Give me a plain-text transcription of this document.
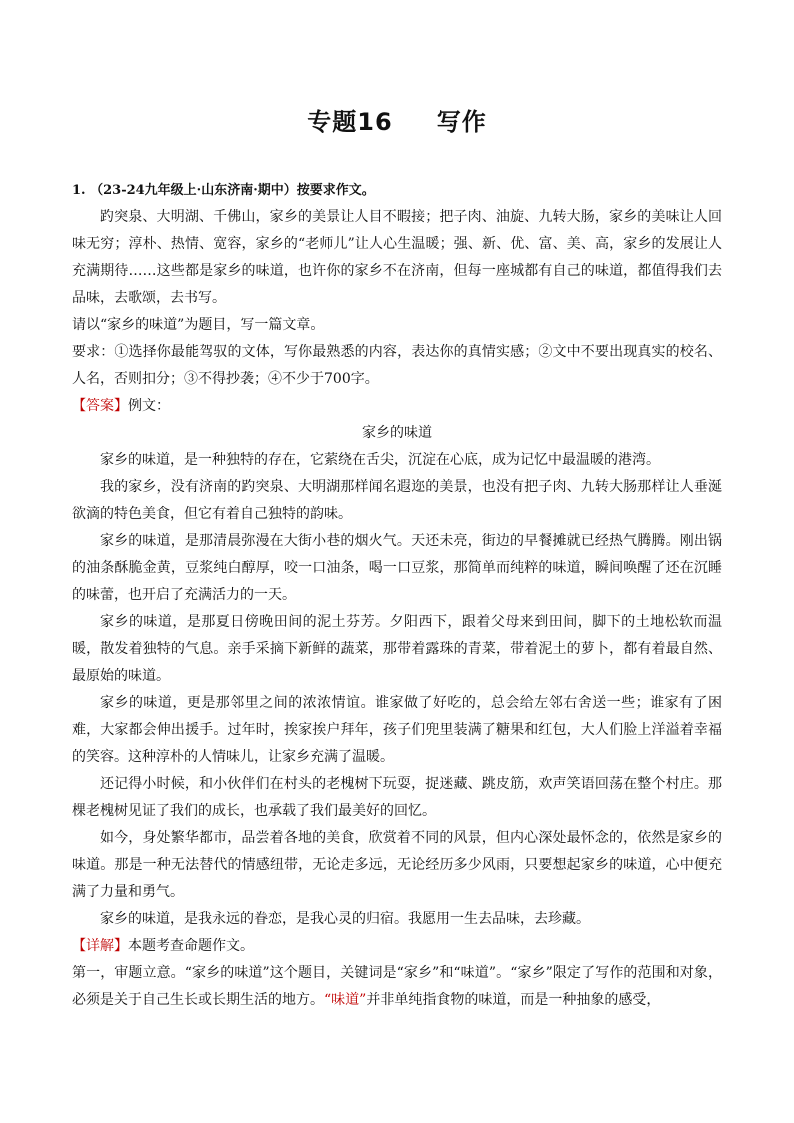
专题16 写作

1. （23-24九年级上·山东济南·期中）按要求作文。

趵突泉、大明湖、千佛山，家乡的美景让人目不暇接；把子肉、油旋、九转大肠，家乡的美味让人回味无穷；淳朴、热情、宽容，家乡的“老师儿”让人心生温暖；强、新、优、富、美、高，家乡的发展让人充满期待……这些都是家乡的味道，也许你的家乡不在济南，但每一座城都有自己的味道，都值得我们去品味，去歌颂，去书写。

请以“家乡的味道”为题目，写一篇文章。

要求：①选择你最能驾驭的文体，写你最熟悉的内容，表达你的真情实感；②文中不要出现真实的校名、人名，否则扣分；③不得抄袭；④不少于700字。

【答案】例文：

家乡的味道

家乡的味道，是一种独特的存在，它萦绕在舌尖，沉淀在心底，成为记忆中最温暖的港湾。

我的家乡，没有济南的趵突泉、大明湖那样闻名遐迩的美景，也没有把子肉、九转大肠那样让人垂涎欲滴的特色美食，但它有着自己独特的韵味。

家乡的味道，是那清晨弥漫在大街小巷的烟火气。天还未亮，街边的早餐摊就已经热气腾腾。刚出锅的油条酥脆金黄，豆浆纯白醇厚，咬一口油条，喝一口豆浆，那简单而纯粹的味道，瞬间唤醒了还在沉睡的味蕾，也开启了充满活力的一天。

家乡的味道，是那夏日傍晚田间的泥土芬芳。夕阳西下，跟着父母来到田间，脚下的土地松软而温暖，散发着独特的气息。亲手采摘下新鲜的蔬菜，那带着露珠的青菜，带着泥土的萝卜，都有着最自然、最原始的味道。

家乡的味道，更是那邻里之间的浓浓情谊。谁家做了好吃的，总会给左邻右舍送一些；谁家有了困难，大家都会伸出援手。过年时，挨家挨户拜年，孩子们兜里装满了糖果和红包，大人们脸上洋溢着幸福的笑容。这种淳朴的人情味儿，让家乡充满了温暖。

还记得小时候，和小伙伴们在村头的老槐树下玩耍，捉迷藏、跳皮筋，欢声笑语回荡在整个村庄。那棵老槐树见证了我们的成长，也承载了我们最美好的回忆。

如今，身处繁华都市，品尝着各地的美食，欣赏着不同的风景，但内心深处最怀念的，依然是家乡的味道。那是一种无法替代的情感纽带，无论走多远，无论经历多少风雨，只要想起家乡的味道，心中便充满了力量和勇气。

家乡的味道，是我永远的眷恋，是我心灵的归宿。我愿用一生去品味，去珍藏。

【详解】本题考查命题作文。

第一，审题立意。“家乡的味道”这个题目，关键词是“家乡”和“味道”。“家乡”限定了写作的范围和对象，必须是关于自己生长或长期生活的地方。“味道”并非单纯指食物的味道，而是一种抽象的感受，
